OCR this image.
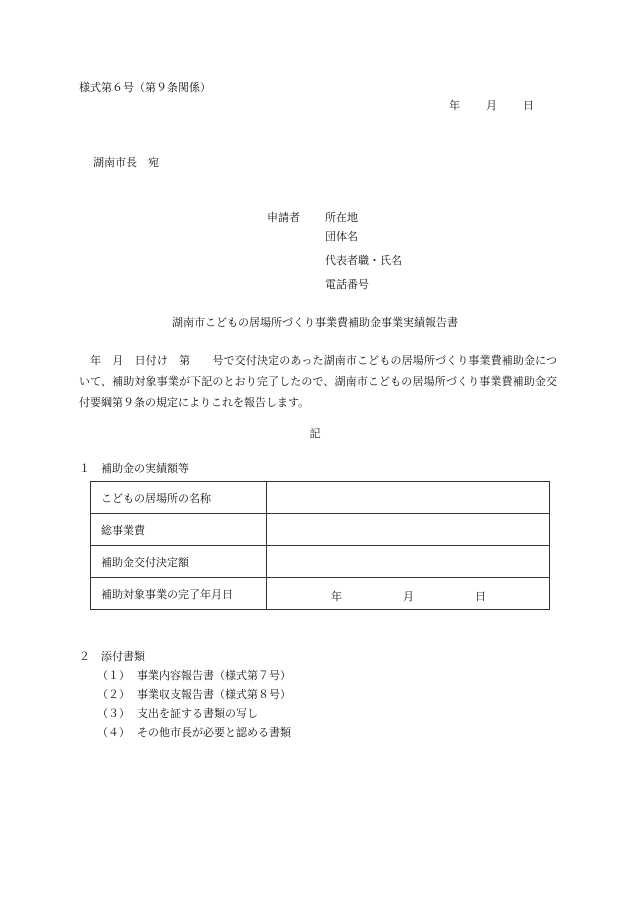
様式第６号（第９条関係）
年 月 日
湖南市長　宛
申請者 所在地
団体名
代表者職・氏名
電話番号
湖南市こどもの居場所づくり事業費補助金事業実績報告書
　年　月　日付け　第　　号で交付決定のあった湖南市こどもの居場所づくり事業費補助金について、補助対象事業が下記のとおり完了したので、湖南市こどもの居場所づくり事業費補助金交付要綱第９条の規定によりこれを報告します。
記
１　補助金の実績額等
こどもの居場所の名称	
総事業費	
補助金交付決定額	
補助対象事業の完了年月日	年 月 日
２　添付書類
（１） 事業内容報告書（様式第７号）
（２） 事業収支報告書（様式第８号）
（３） 支出を証する書類の写し
（４） その他市長が必要と認める書類
